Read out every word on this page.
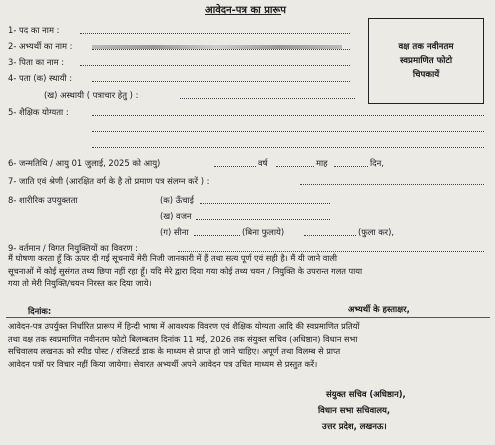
आवेदन-पत्र का प्रारूप
वक्ष तक नवीनतम
स्वप्रमाणित फोटो
चिपकायें
1- पद का नाम :
2- अभ्यर्थी का नाम :
3- पिता का नाम :
4- पता (क) स्थायी :
(ख) अस्थायी ( पत्राचार हेतु ) :
5- शैक्षिक योग्यता :
6- जन्मतिथि / आयु 01 जुलाई, 2025 को आयु)	वर्ष	माह	दिन,
7- जाति एवं श्रेणी (आरक्षित वर्ग के है तो प्रमाण पत्र संलग्न करें ) :
8- शारीरिक उपयुक्तता	(क) ऊँचाई
(ख) वजन
(ग) सीना	(बिना फुलाये)	(फुला कर),
9- वर्तमान / विगत नियुक्तियों का विवरण :
मैं घोषणा करता हूँ कि ऊपर दी गई सूचनायें मेरी निजी जानकारी में हैं तथा सत्य पूर्ण एवं सही है। मैं यी जाने वाली
सूचनाओं में कोई सुसंगत तथ्य छिपा नहीं रहा हूँ। यदि मेरे द्वारा दिया गया कोई तथ्य चयन / नियुक्ति के उपरान्त गलत पाया
गया तो मेरी नियुक्ति/चयन निरस्त कर दिया जाये।
दिनांक:	अभ्यर्थी के हस्ताक्षर,
आवेदन-पत्र उपर्युक्त निर्धारित प्रारूप में हिन्दी भाषा में आवश्यक विवरण एवं शैक्षिक योग्यता आदि की स्वप्रमाणित प्रतियों
तथा वक्ष तक स्वप्रमाणित नवीनतम फोटो बिलम्बतम दिनांक 11 मई, 2026 तक संयुक्त सचिव (अधिष्ठान) विधान सभा
सचिवालय लखनऊ को स्पीड पोस्ट / रजिस्टर्ड डाक के माध्यम से प्राप्त हो जाने चाहिए। अपूर्ण तथा विलम्ब से प्राप्त
आवेदन पत्रों पर विचार नहीं किया जायेगा। सेवारत अभ्यर्थी अपने आवेदन पत्र उचित माध्यम से प्रस्तुत करें।
संयुक्त सचिव (अधिष्ठान),
विधान सभा सचिवालय,
उत्तर प्रदेश, लखनऊ।
